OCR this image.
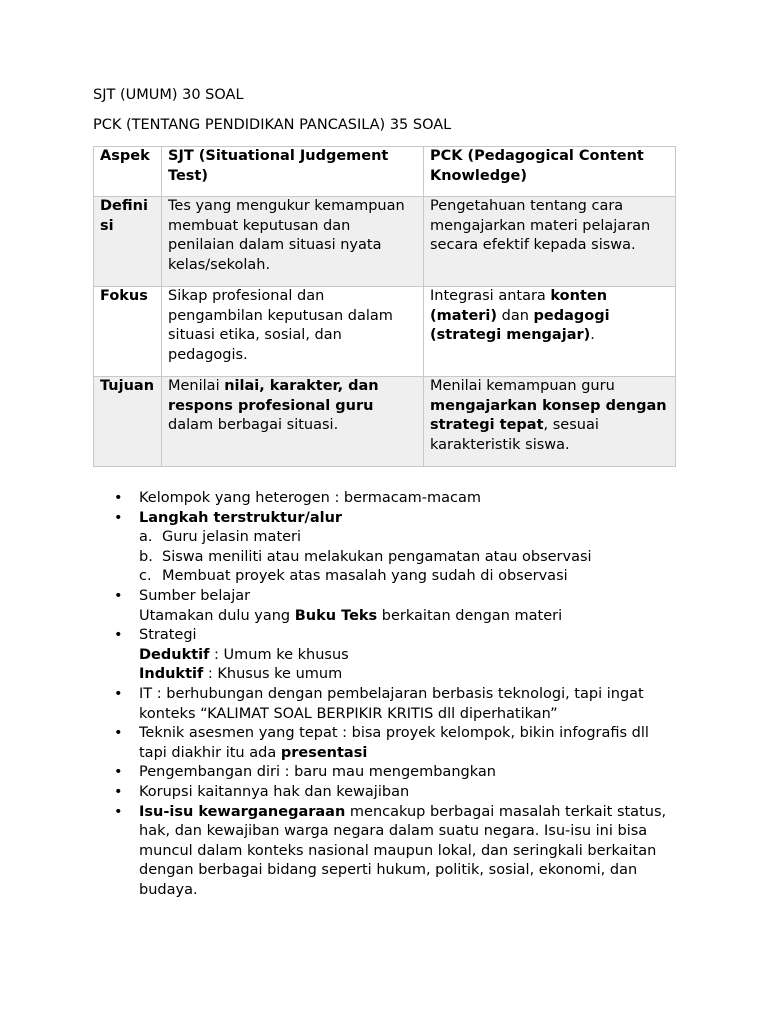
SJT (UMUM) 30 SOAL
PCK (TENTANG PENDIDIKAN PANCASILA) 35 SOAL
Aspek	SJT (Situational Judgement Test)	PCK (Pedagogical Content Knowledge)
Definisi	Tes yang mengukur kemampuan membuat keputusan dan penilaian dalam situasi nyata kelas/sekolah.	Pengetahuan tentang cara mengajarkan materi pelajaran secara efektif kepada siswa.
Fokus	Sikap profesional dan pengambilan keputusan dalam situasi etika, sosial, dan pedagogis.	Integrasi antara konten (materi) dan pedagogi (strategi mengajar).
Tujuan	Menilai nilai, karakter, dan respons profesional guru dalam berbagai situasi.	Menilai kemampuan guru mengajarkan konsep dengan strategi tepat, sesuai karakteristik siswa.
• Kelompok yang heterogen : bermacam-macam
• Langkah terstruktur/alur
a. Guru jelasin materi
b. Siswa meniliti atau melakukan pengamatan atau observasi
c. Membuat proyek atas masalah yang sudah di observasi
• Sumber belajar
Utamakan dulu yang Buku Teks berkaitan dengan materi
• Strategi
Deduktif : Umum ke khusus
Induktif : Khusus ke umum
• IT : berhubungan dengan pembelajaran berbasis teknologi, tapi ingat konteks “KALIMAT SOAL BERPIKIR KRITIS dll diperhatikan”
• Teknik asesmen yang tepat : bisa proyek kelompok, bikin infografis dll tapi diakhir itu ada presentasi
• Pengembangan diri : baru mau mengembangkan
• Korupsi kaitannya hak dan kewajiban
• Isu-isu kewarganegaraan mencakup berbagai masalah terkait status, hak, dan kewajiban warga negara dalam suatu negara. Isu-isu ini bisa muncul dalam konteks nasional maupun lokal, dan seringkali berkaitan dengan berbagai bidang seperti hukum, politik, sosial, ekonomi, dan budaya.
